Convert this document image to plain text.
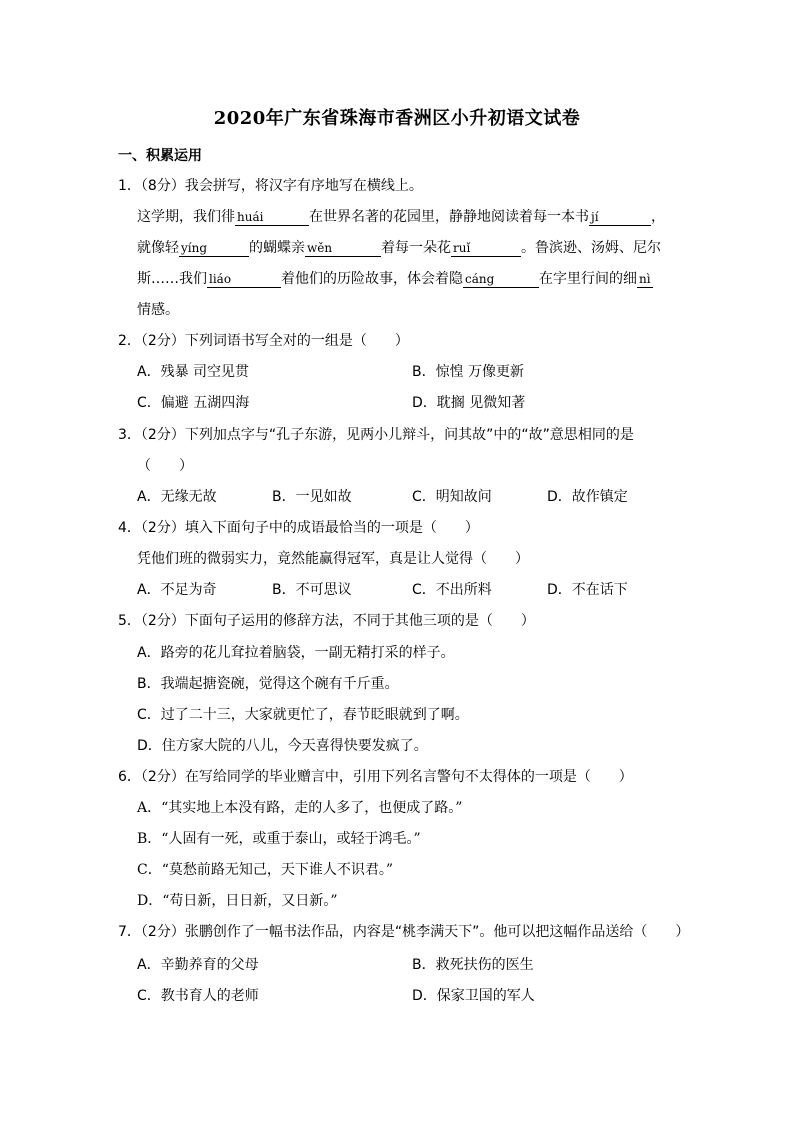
2020年广东省珠海市香洲区小升初语文试卷
一、积累运用
1．（8分）我会拼写，将汉字有序地写在横线上。
这学期，我们徘 huái	在世界名著的花园里，静静地阅读着每一本书 jí	，
就像轻 yíng	的蝴蝶亲 wěn	着每一朵花 ruǐ	。鲁滨逊、汤姆、尼尔
斯……我们 liáo	着他们的历险故事，体会着隐 cáng	在字里行间的细 nì
情感。
2．（2分）下列词语书写全对的一组是（　　）
A．残暴 司空见贯	B．惊惶 万像更新
C．偏避 五湖四海	D．耽搁 见微知著
3．（2分）下列加点字与“孔子东游，见两小儿辩斗，问其故”中的“故”意思相同的是
（　　）
A．无缘无故	B．一见如故	C．明知故问	D．故作镇定
4．（2分）填入下面句子中的成语最恰当的一项是（　　）
凭他们班的微弱实力，竟然能赢得冠军，真是让人觉得（　　）
A．不足为奇	B．不可思议	C．不出所料	D．不在话下
5．（2分）下面句子运用的修辞方法，不同于其他三项的是（　　）
A．路旁的花儿耷拉着脑袋，一副无精打采的样子。
B．我端起搪瓷碗，觉得这个碗有千斤重。
C．过了二十三，大家就更忙了，春节眨眼就到了啊。
D．住方家大院的八儿，今天喜得快要发疯了。
6．（2分）在写给同学的毕业赠言中，引用下列名言警句不太得体的一项是（　　）
A．“其实地上本没有路，走的人多了，也便成了路。”
B．“人固有一死，或重于泰山，或轻于鸿毛。”
C．“莫愁前路无知己，天下谁人不识君。”
D．“苟日新，日日新，又日新。”
7．（2分）张鹏创作了一幅书法作品，内容是“桃李满天下”。他可以把这幅作品送给（　　）
A．辛勤养育的父母	B．救死扶伤的医生
C．教书育人的老师	D．保家卫国的军人
